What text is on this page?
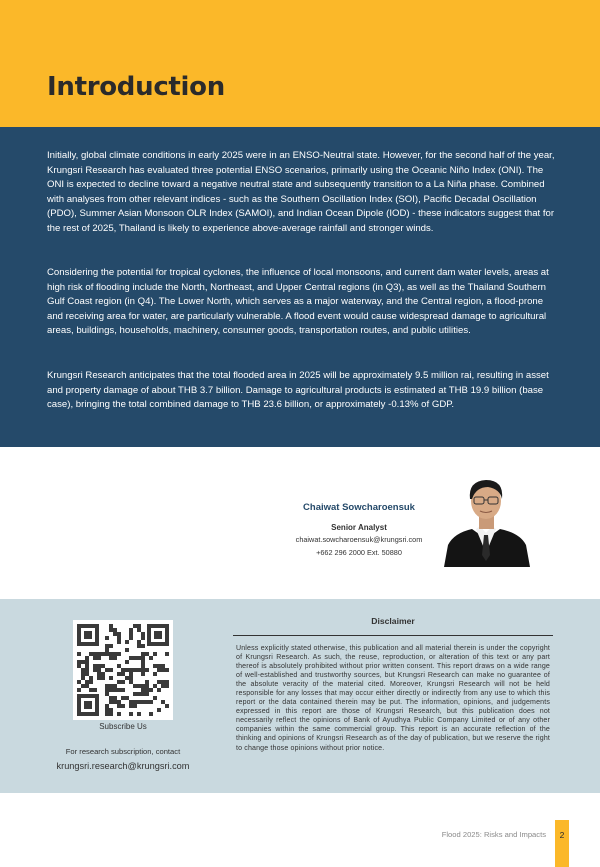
Introduction

Initially, global climate conditions in early 2025 were in an ENSO-Neutral state. However, for the second half of the year, Krungsri Research has evaluated three potential ENSO scenarios, primarily using the Oceanic Niño Index (ONI). The ONI is expected to decline toward a negative neutral state and subsequently transition to a La Niña phase. Combined with analyses from other relevant indices - such as the Southern Oscillation Index (SOI), Pacific Decadal Oscillation (PDO), Summer Asian Monsoon OLR Index (SAMOI), and Indian Ocean Dipole (IOD) - these indicators suggest that for the rest of 2025, Thailand is likely to experience above-average rainfall and stronger winds.

Considering the potential for tropical cyclones, the influence of local monsoons, and current dam water levels, areas at high risk of flooding include the North, Northeast, and Upper Central regions (in Q3), as well as the Thailand Southern Gulf Coast region (in Q4). The Lower North, which serves as a major waterway, and the Central region, a flood-prone and receiving area for water, are particularly vulnerable. A flood event would cause widespread damage to agricultural areas, buildings, households, machinery, consumer goods, transportation routes, and public utilities.

Krungsri Research anticipates that the total flooded area in 2025 will be approximately 9.5 million rai, resulting in asset and property damage of about THB 3.7 billion. Damage to agricultural products is estimated at THB 19.9 billion (base case), bringing the total combined damage to THB 23.6 billion, or approximately -0.13% of GDP.

Chaiwat Sowcharoensuk
Senior Analyst
chaiwat.sowcharoensuk@krungsri.com
+662 296 2000 Ext. 50880
Subscribe Us
For research subscription, contact
krungsri.research@krungsri.com
Disclaimer

Unless explicitly stated otherwise, this publication and all material therein is under the copyright of Krungsri Research. As such, the reuse, reproduction, or alteration of this text or any part thereof is absolutely prohibited without prior written consent. This report draws on a wide range of well-established and trustworthy sources, but Krungsri Research can make no guarantee of the absolute veracity of the material cited. Moreover, Krungsri Research will not be held responsible for any losses that may occur either directly or indirectly from any use to which this report or the data contained therein may be put. The information, opinions, and judgements expressed in this report are those of Krungsri Research, but this publication does not necessarily reflect the opinions of Bank of Ayudhya Public Company Limited or of any other companies within the same commercial group. This report is an accurate reflection of the thinking and opinions of Krungsri Research as of the day of publication, but we reserve the right to change those opinions without prior notice.

Flood 2025: Risks and Impacts	2
